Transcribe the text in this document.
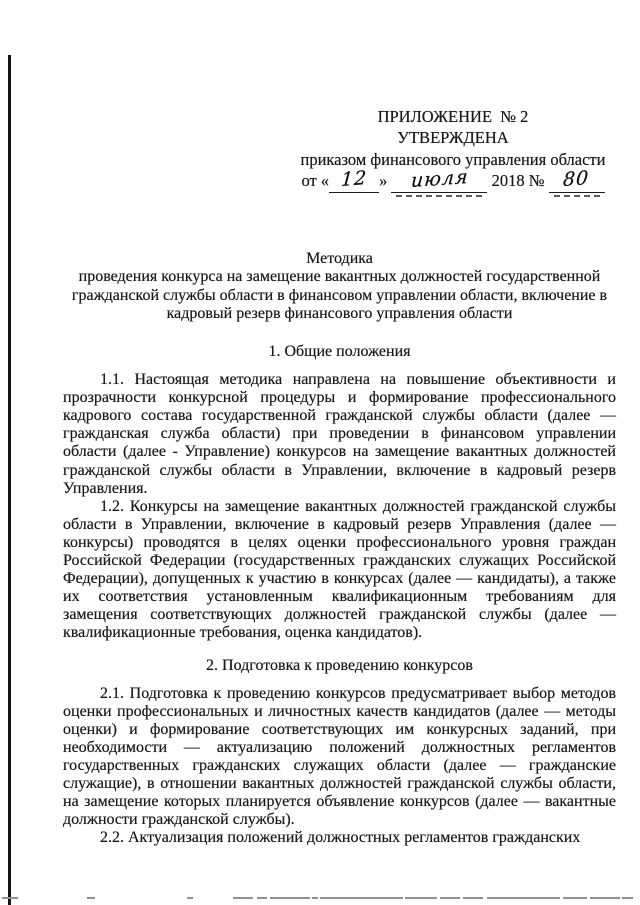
ПРИЛОЖЕНИЕ  № 2
УТВЕРЖДЕНА
приказом финансового управления области
от « 12 » июля 2018 № 80
Методика
проведения конкурса на замещение вакантных должностей государственной гражданской службы области в финансовом управлении области, включение в кадровый резерв финансового управления области
1. Общие положения

1.1. Настоящая методика направлена на повышение объективности и прозрачности конкурсной процедуры и формирование профессионального кадрового состава государственной гражданской службы области (далее — гражданская служба области) при проведении в финансовом управлении области (далее - Управление) конкурсов на замещение вакантных должностей гражданской службы области в Управлении, включение в кадровый резерв Управления.

1.2. Конкурсы на замещение вакантных должностей гражданской службы области в Управлении, включение в кадровый резерв Управления (далее — конкурсы) проводятся в целях оценки профессионального уровня граждан Российской Федерации (государственных гражданских служащих Российской Федерации), допущенных к участию в конкурсах (далее — кандидаты), а также их соответствия установленным квалификационным требованиям для замещения соответствующих должностей гражданской службы (далее — квалификационные требования, оценка кандидатов).

2. Подготовка к проведению конкурсов

2.1. Подготовка к проведению конкурсов предусматривает выбор методов оценки профессиональных и личностных качеств кандидатов (далее — методы оценки) и формирование соответствующих им конкурсных заданий, при необходимости — актуализацию положений должностных регламентов государственных гражданских служащих области (далее — гражданские служащие), в отношении вакантных должностей гражданской службы области, на замещение которых планируется объявление конкурсов (далее — вакантные должности гражданской службы).

2.2. Актуализация положений должностных регламентов гражданских
